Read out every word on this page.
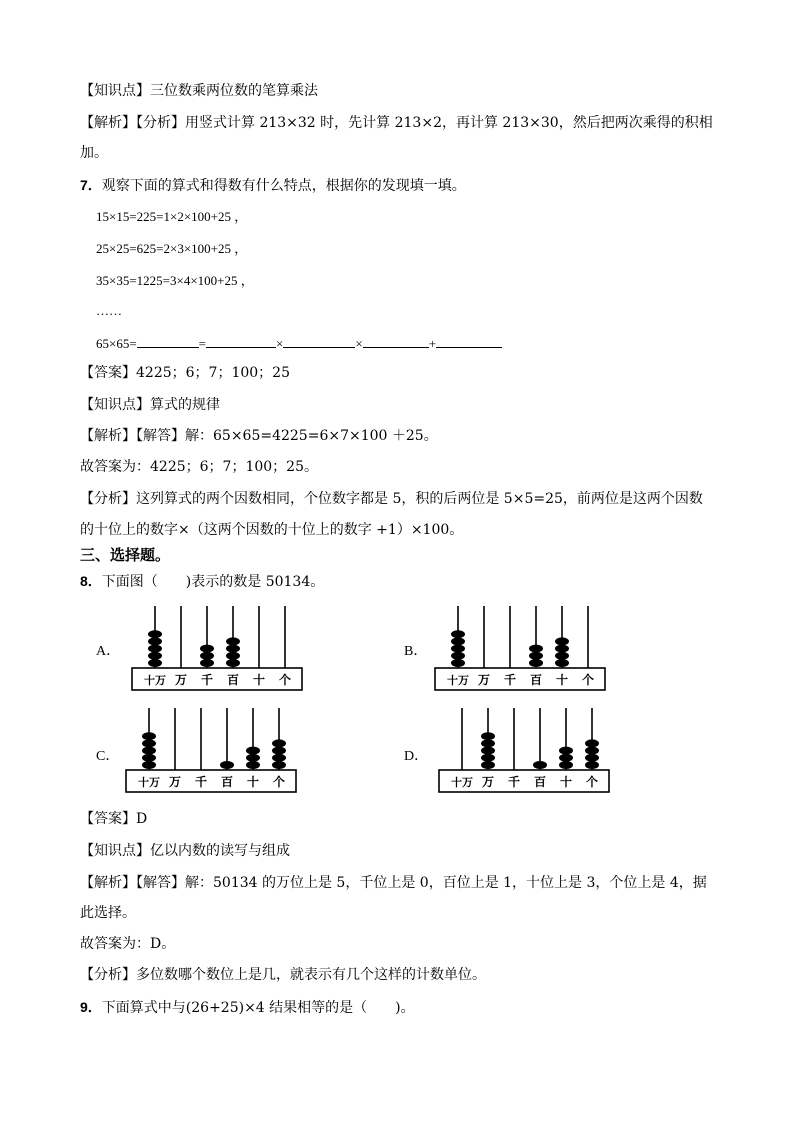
【知识点】三位数乘两位数的笔算乘法
【解析】【分析】用竖式计算 213×32 时，先计算 213×2，再计算 213×30，然后把两次乘得的积相
加。
7．观察下面的算式和得数有什么特点，根据你的发现填一填。
15×15=225=1×2×100+25 ，
25×25=625=2×3×100+25 ，
35×35=1225=3×4×100+25 ，
……
65×65=	=	×	×	+
【答案】4225；6；7；100；25
【知识点】算式的规律
【解析】【解答】解：65×65=4225=6×7×100 ＋25。
故答案为：4225；6；7；100；25。
【分析】这列算式的两个因数相同，个位数字都是 5，积的后两位是 5×5=25，前两位是这两个因数
的十位上的数字×（这两个因数的十位上的数字 +1）×100。
三、选择题。
8．下面图（　　)表示的数是 50134。
A．
十万 万 千 百 十 个
B．
十万 万 千 百 十 个
C．
十万 万 千 百 十 个
D．
十万 万 千 百 十 个
【答案】D
【知识点】亿以内数的读写与组成
【解析】【解答】解：50134 的万位上是 5，千位上是 0，百位上是 1，十位上是 3，个位上是 4，据
此选择。
故答案为：D。
【分析】多位数哪个数位上是几，就表示有几个这样的计数单位。
9．下面算式中与(26+25)×4 结果相等的是（　　)。
